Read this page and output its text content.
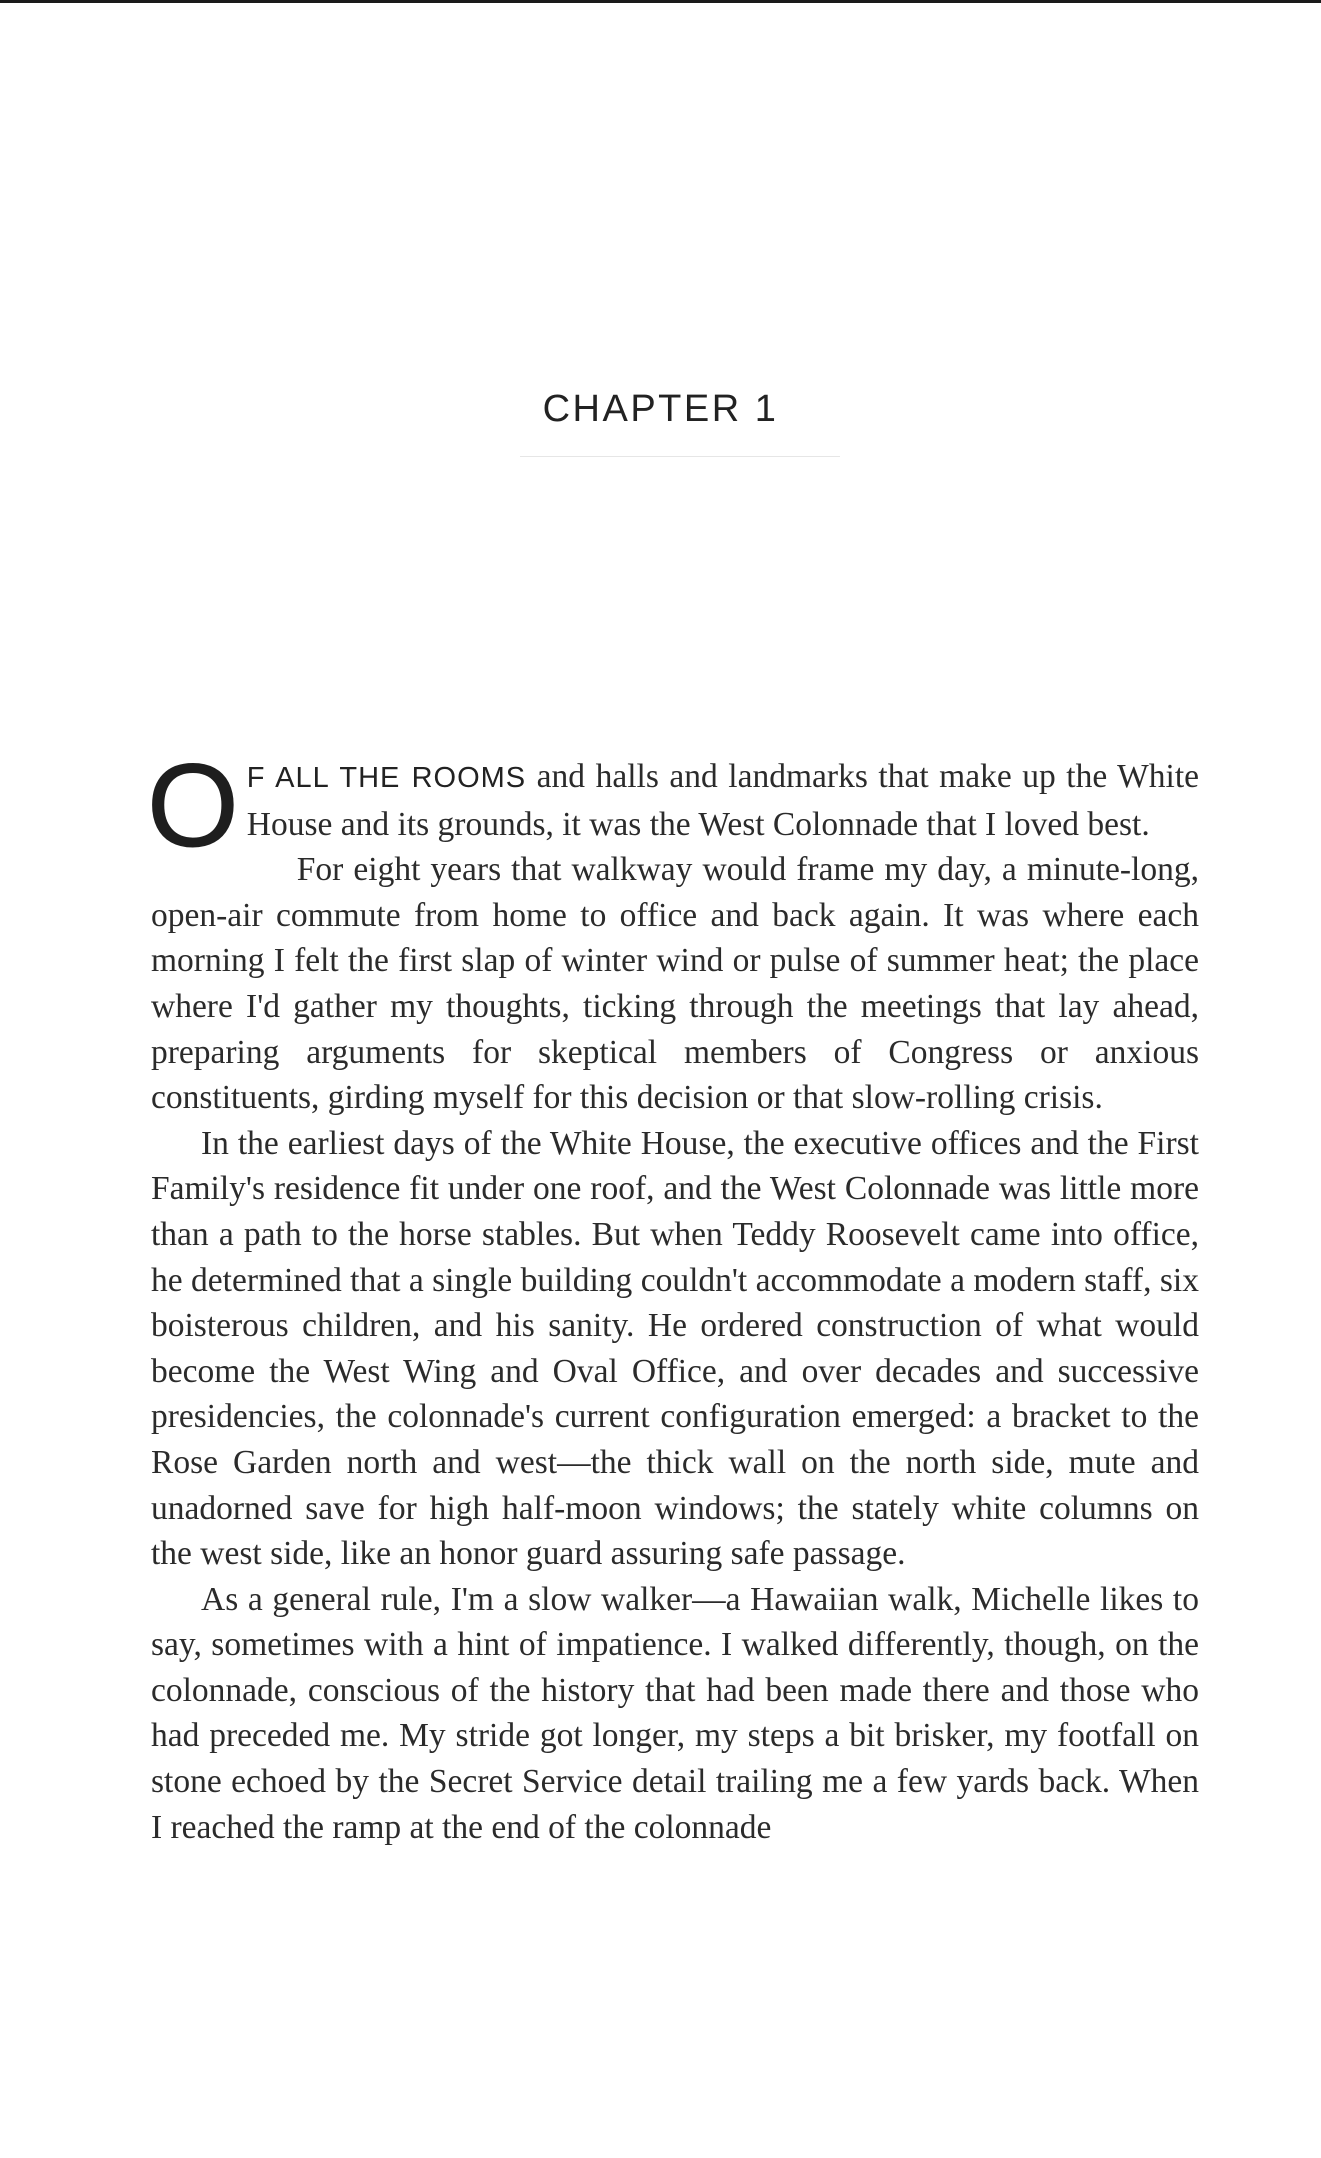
CHAPTER 1

O F ALL THE ROOMS and halls and landmarks that make up the White House and its grounds, it was the West Colonnade that I loved best.

For eight years that walkway would frame my day, a minute-long, open-air commute from home to office and back again. It was where each morning I felt the first slap of winter wind or pulse of summer heat; the place where I'd gather my thoughts, ticking through the meetings that lay ahead, preparing arguments for skeptical members of Congress or anxious constituents, girding myself for this decision or that slow-rolling crisis.

In the earliest days of the White House, the executive offices and the First Family's residence fit under one roof, and the West Colonnade was little more than a path to the horse stables. But when Teddy Roosevelt came into office, he determined that a single building couldn't accommodate a modern staff, six boisterous children, and his sanity. He ordered construction of what would become the West Wing and Oval Office, and over decades and successive presidencies, the colonnade's current configuration emerged: a bracket to the Rose Garden north and west—the thick wall on the north side, mute and unadorned save for high half-moon windows; the stately white columns on the west side, like an honor guard assuring safe passage.

As a general rule, I'm a slow walker—a Hawaiian walk, Michelle likes to say, sometimes with a hint of impatience. I walked differently, though, on the colonnade, conscious of the history that had been made there and those who had preceded me. My stride got longer, my steps a bit brisker, my footfall on stone echoed by the Secret Service detail trailing me a few yards back. When I reached the ramp at the end of the colonnade
